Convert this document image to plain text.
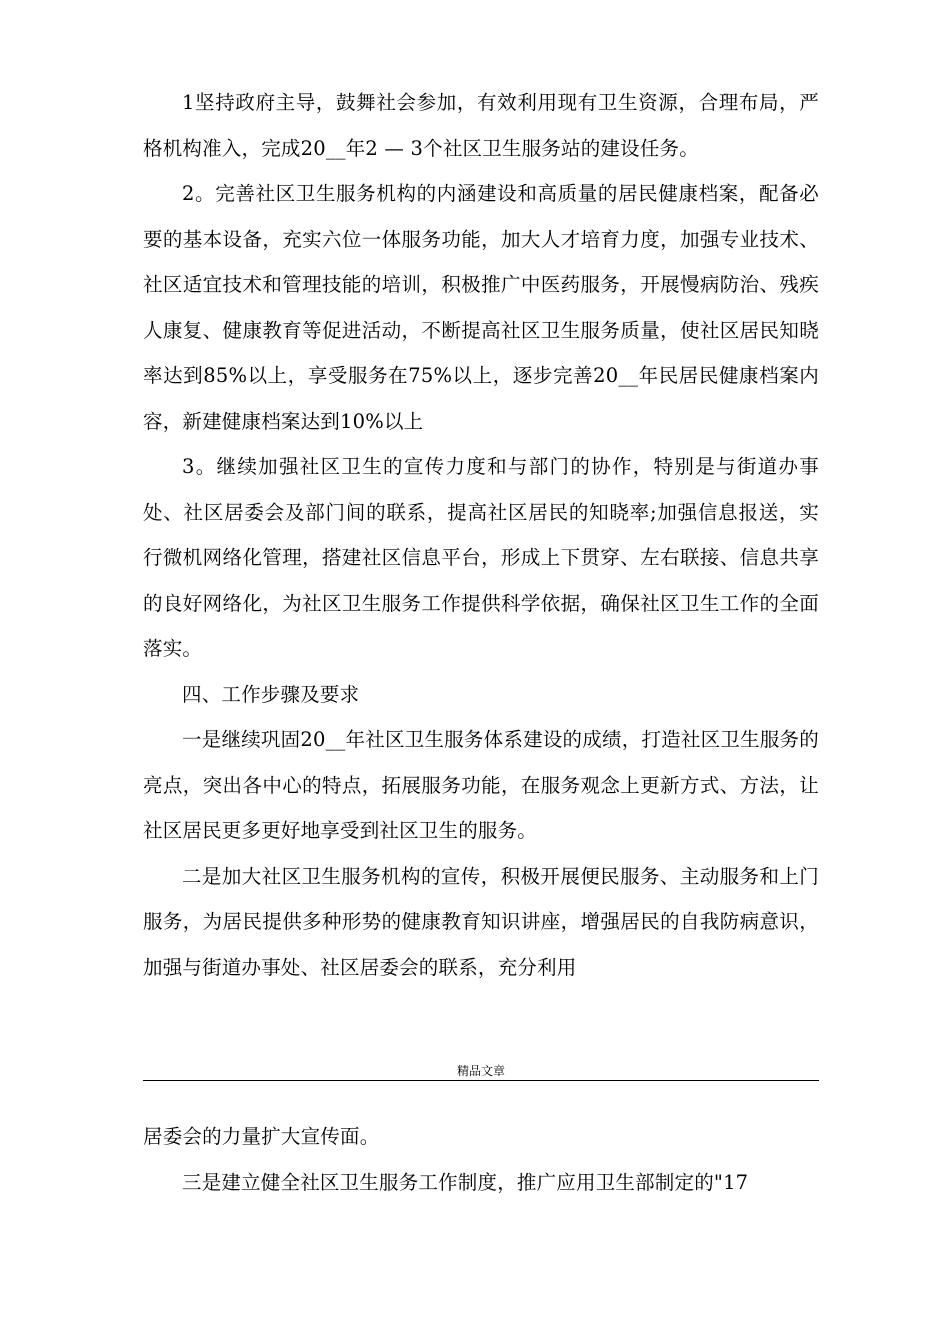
1坚持政府主导，鼓舞社会参加，有效利用现有卫生资源，合理布局，严格机构准入，完成20__年2 — 3个社区卫生服务站的建设任务。

2。完善社区卫生服务机构的内涵建设和高质量的居民健康档案，配备必要的基本设备，充实六位一体服务功能，加大人才培育力度，加强专业技术、社区适宜技术和管理技能的培训，积极推广中医药服务，开展慢病防治、残疾人康复、健康教育等促进活动，不断提高社区卫生服务质量，使社区居民知晓率达到85%以上，享受服务在75%以上，逐步完善20__年民居民健康档案内容，新建健康档案达到10%以上

3。继续加强社区卫生的宣传力度和与部门的协作，特别是与街道办事处、社区居委会及部门间的联系，提高社区居民的知晓率;加强信息报送，实行微机网络化管理，搭建社区信息平台，形成上下贯穿、左右联接、信息共享的良好网络化，为社区卫生服务工作提供科学依据，确保社区卫生工作的全面落实。

四、工作步骤及要求

一是继续巩固20__年社区卫生服务体系建设的成绩，打造社区卫生服务的亮点，突出各中心的特点，拓展服务功能，在服务观念上更新方式、方法，让社区居民更多更好地享受到社区卫生的服务。

二是加大社区卫生服务机构的宣传，积极开展便民服务、主动服务和上门服务，为居民提供多种形势的健康教育知识讲座，增强居民的自我防病意识，加强与街道办事处、社区居委会的联系，充分利用

精品文章

居委会的力量扩大宣传面。

三是建立健全社区卫生服务工作制度，推广应用卫生部制定的"17
